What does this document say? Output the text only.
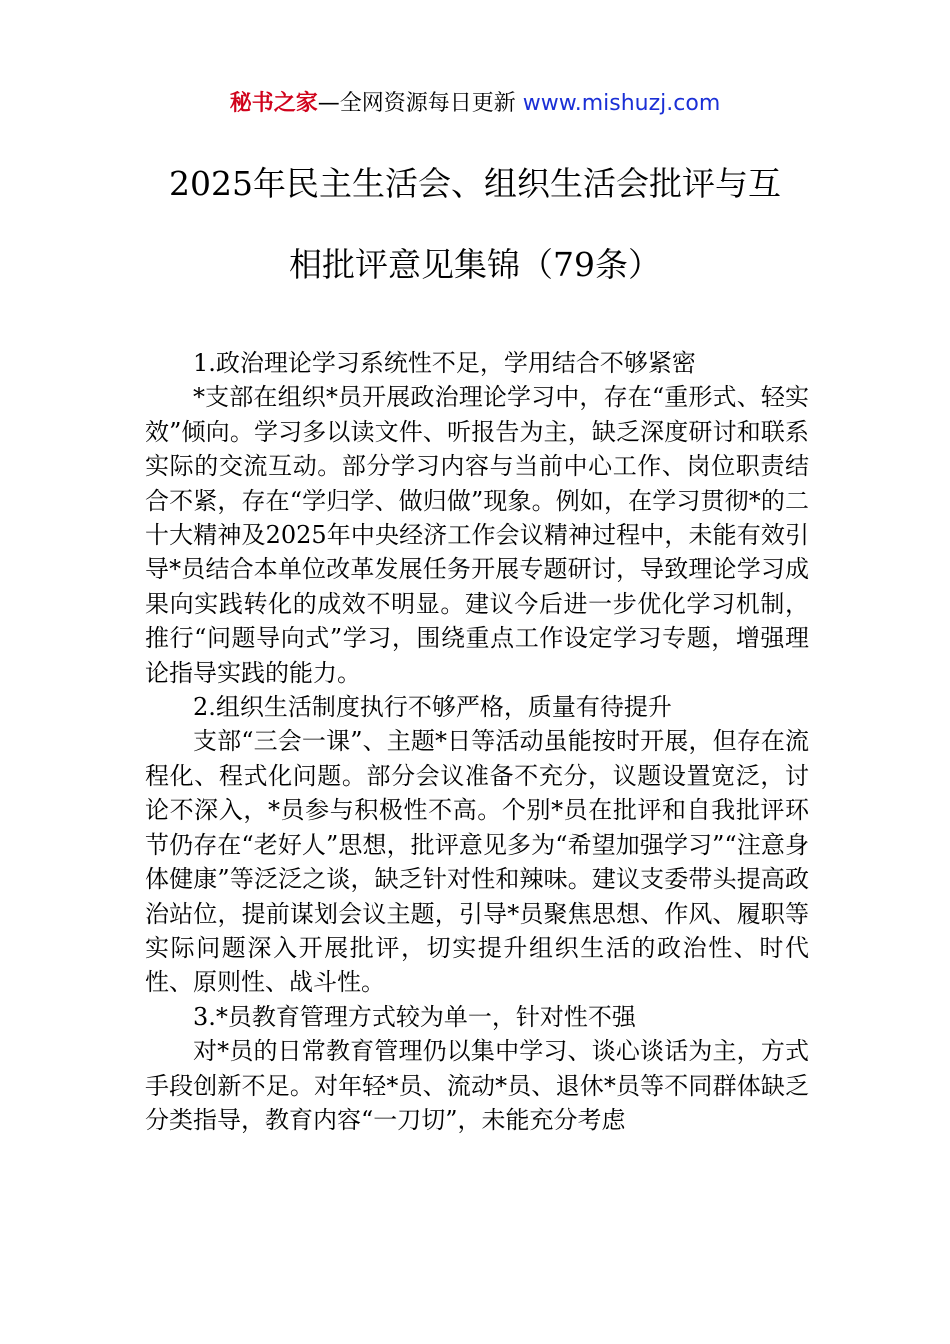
秘书之家—全网资源每日更新 www.mishuzj.com
2025年民主生活会、组织生活会批评与互
相批评意见集锦（79条）

1.政治理论学习系统性不足，学用结合不够紧密

*支部在组织*员开展政治理论学习中，存在“重形式、轻实效”倾向。学习多以读文件、听报告为主，缺乏深度研讨和联系实际的交流互动。部分学习内容与当前中心工作、岗位职责结合不紧，存在“学归学、做归做”现象。例如，在学习贯彻*的二十大精神及2025年中央经济工作会议精神过程中，未能有效引导*员结合本单位改革发展任务开展专题研讨，导致理论学习成果向实践转化的成效不明显。建议今后进一步优化学习机制，推行“问题导向式”学习，围绕重点工作设定学习专题，增强理论指导实践的能力。

2.组织生活制度执行不够严格，质量有待提升

支部“三会一课”、主题*日等活动虽能按时开展，但存在流程化、程式化问题。部分会议准备不充分，议题设置宽泛，讨论不深入，*员参与积极性不高。个别*员在批评和自我批评环节仍存在“老好人”思想，批评意见多为“希望加强学习”“注意身体健康”等泛泛之谈，缺乏针对性和辣味。建议支委带头提高政治站位，提前谋划会议主题，引导*员聚焦思想、作风、履职等实际问题深入开展批评，切实提升组织生活的政治性、时代性、原则性、战斗性。

3.*员教育管理方式较为单一，针对性不强

对*员的日常教育管理仍以集中学习、谈心谈话为主，方式手段创新不足。对年轻*员、流动*员、退休*员等不同群体缺乏分类指导，教育内容“一刀切”，未能充分考虑
